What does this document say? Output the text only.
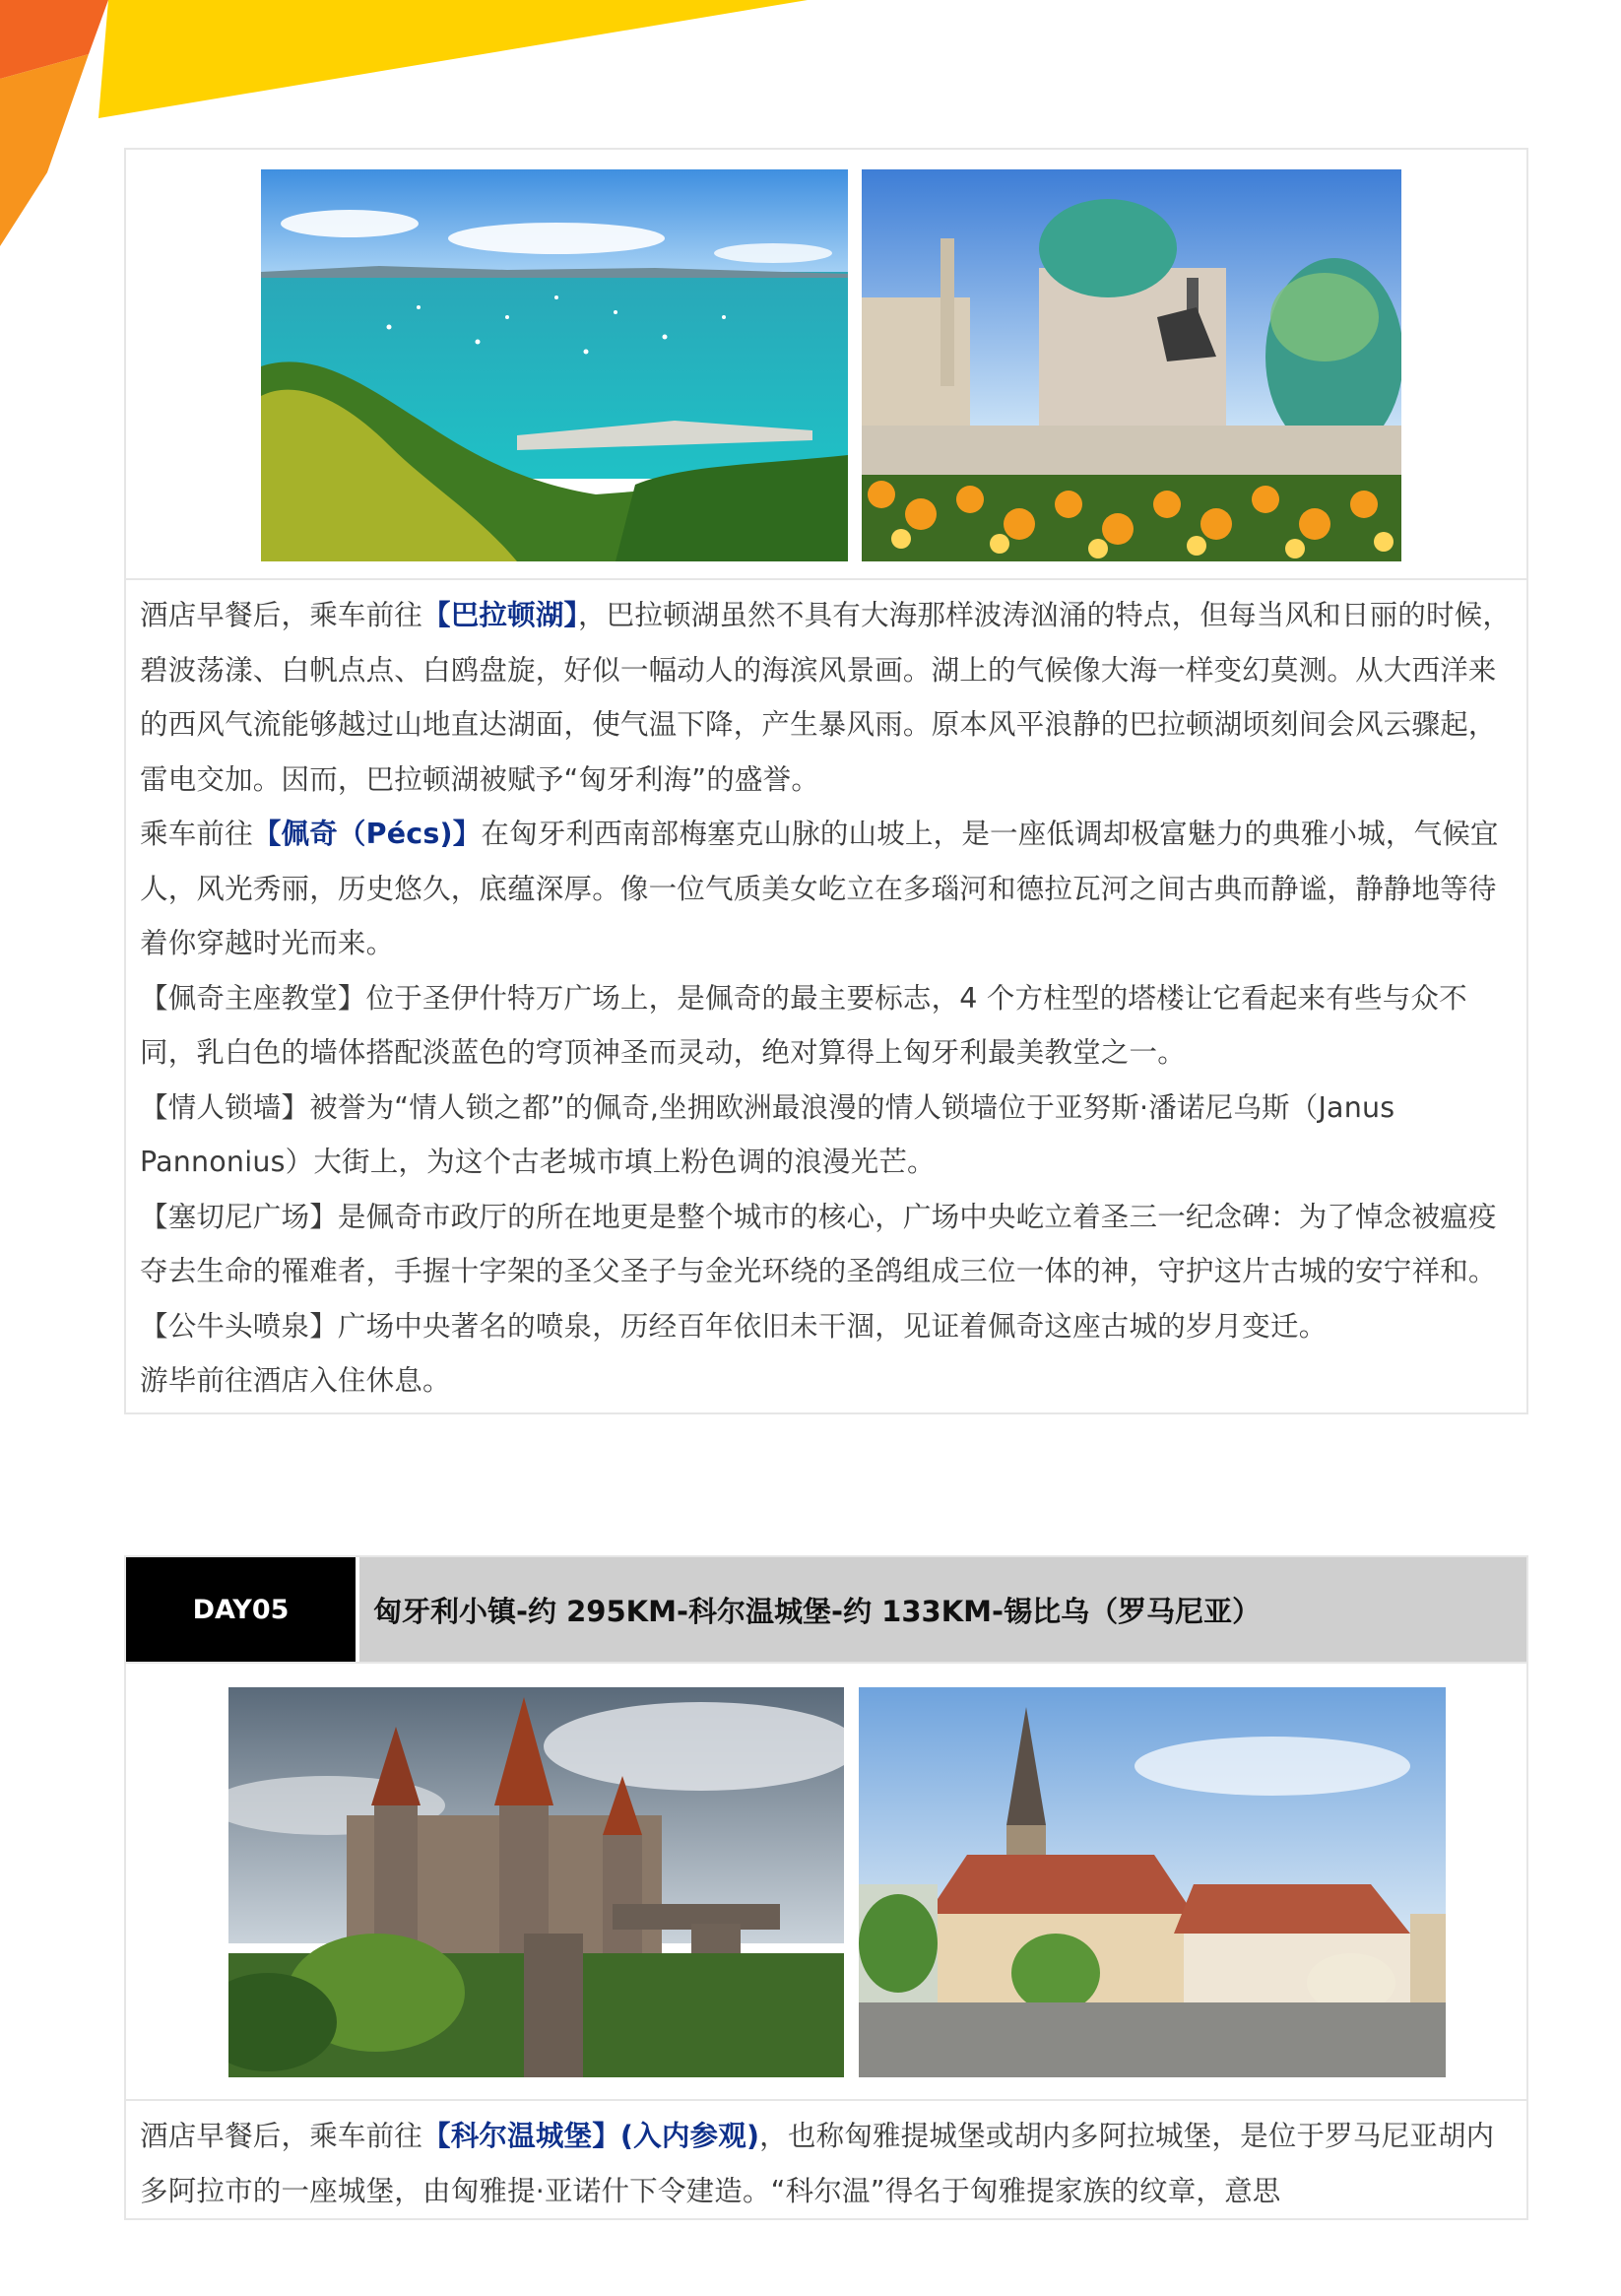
酒店早餐后，乘车前往【巴拉顿湖】，巴拉顿湖虽然不具有大海那样波涛汹涌的特点，但每当风和日丽的时候，碧波荡漾、白帆点点、白鸥盘旋，好似一幅动人的海滨风景画。湖上的气候像大海一样变幻莫测。从大西洋来的西风气流能够越过山地直达湖面，使气温下降，产生暴风雨。原本风平浪静的巴拉顿湖顷刻间会风云骤起，雷电交加。因而，巴拉顿湖被赋予“匈牙利海”的盛誉。

乘车前往【佩奇（Pécs)】在匈牙利西南部梅塞克山脉的山坡上，是一座低调却极富魅力的典雅小城，气候宜人，风光秀丽，历史悠久，底蕴深厚。像一位气质美女屹立在多瑙河和德拉瓦河之间古典而静谧，静静地等待着你穿越时光而来。

【佩奇主座教堂】位于圣伊什特万广场上，是佩奇的最主要标志，4 个方柱型的塔楼让它看起来有些与众不同，乳白色的墙体搭配淡蓝色的穹顶神圣而灵动，绝对算得上匈牙利最美教堂之一。

【情人锁墙】被誉为“情人锁之都”的佩奇,坐拥欧洲最浪漫的情人锁墙位于亚努斯·潘诺尼乌斯（Janus Pannonius）大街上，为这个古老城市填上粉色调的浪漫光芒。

【塞切尼广场】是佩奇市政厅的所在地更是整个城市的核心，广场中央屹立着圣三一纪念碑：为了悼念被瘟疫夺去生命的罹难者，手握十字架的圣父圣子与金光环绕的圣鸽组成三位一体的神，守护这片古城的安宁祥和。

【公牛头喷泉】广场中央著名的喷泉，历经百年依旧未干涸，见证着佩奇这座古城的岁月变迁。

游毕前往酒店入住休息。

DAY05	匈牙利小镇-约 295KM-科尔温城堡-约 133KM-锡比乌（罗马尼亚）

酒店早餐后，乘车前往【科尔温城堡】(入内参观)，也称匈雅提城堡或胡内多阿拉城堡，是位于罗马尼亚胡内多阿拉市的一座城堡，由匈雅提·亚诺什下令建造。“科尔温”得名于匈雅提家族的纹章，意思
